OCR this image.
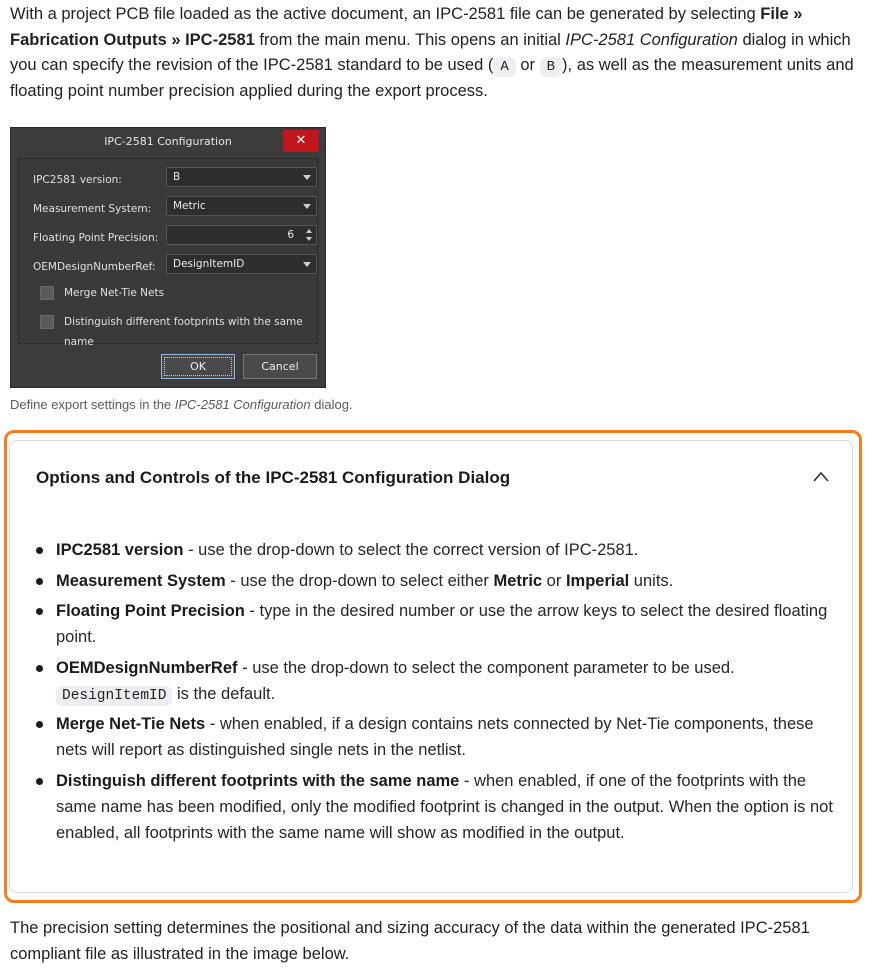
With a project PCB file loaded as the active document, an IPC-2581 file can be generated by selecting File » Fabrication Outputs » IPC-2581 from the main menu. This opens an initial IPC-2581 Configuration dialog in which you can specify the revision of the IPC-2581 standard to be used ( A or B ), as well as the measurement units and floating point number precision applied during the export process.

IPC-2581 Configuration	✕
IPC2581 version:	B
Measurement System:	Metric
Floating Point Precision:	6
OEMDesignNumberRef:	DesignItemID
Merge Net-Tie Nets
Distinguish different footprints with the same name
OK	Cancel

Define export settings in the IPC-2581 Configuration dialog.

Options and Controls of the IPC-2581 Configuration Dialog
IPC2581 version - use the drop-down to select the correct version of IPC-2581.
Measurement System - use the drop-down to select either Metric or Imperial units.
Floating Point Precision - type in the desired number or use the arrow keys to select the desired floating point.
OEMDesignNumberRef - use the drop-down to select the component parameter to be used. DesignItemID is the default.
Merge Net-Tie Nets - when enabled, if a design contains nets connected by Net-Tie components, these nets will report as distinguished single nets in the netlist.
Distinguish different footprints with the same name - when enabled, if one of the footprints with the same name has been modified, only the modified footprint is changed in the output. When the option is not enabled, all footprints with the same name will show as modified in the output.

The precision setting determines the positional and sizing accuracy of the data within the generated IPC-2581 compliant file as illustrated in the image below.
